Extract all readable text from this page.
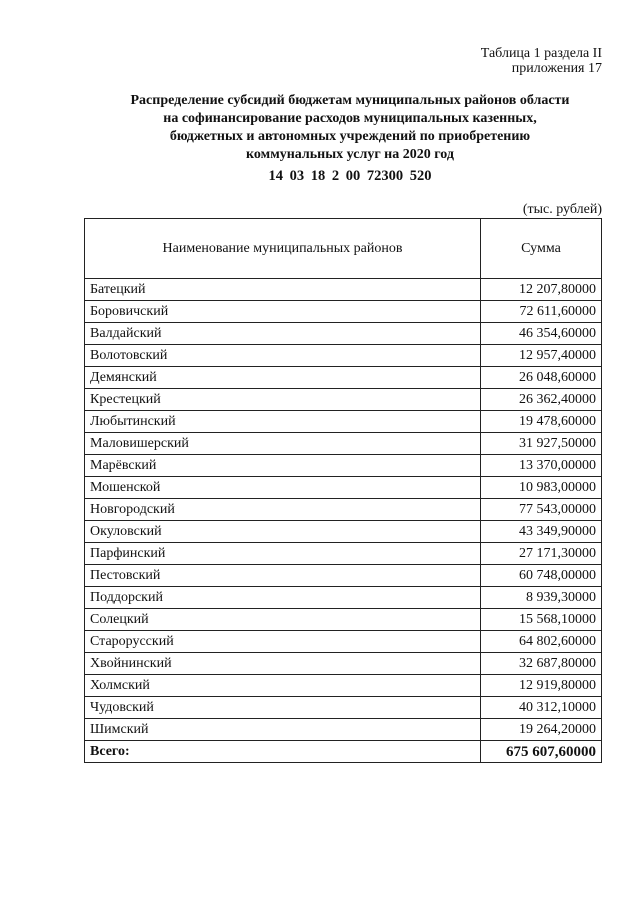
Таблица 1 раздела II
приложения 17
Распределение субсидий бюджетам муниципальных районов области
на софинансирование расходов муниципальных казенных,
бюджетных и автономных учреждений по приобретению
коммунальных услуг на 2020 год
14 03 18 2 00 72300 520
(тыс. рублей)
Наименование муниципальных районов	Сумма
Батецкий	12 207,80000
Боровичский	72 611,60000
Валдайский	46 354,60000
Волотовский	12 957,40000
Демянский	26 048,60000
Крестецкий	26 362,40000
Любытинский	19 478,60000
Маловишерский	31 927,50000
Марёвский	13 370,00000
Мошенской	10 983,00000
Новгородский	77 543,00000
Окуловский	43 349,90000
Парфинский	27 171,30000
Пестовский	60 748,00000
Поддорский	8 939,30000
Солецкий	15 568,10000
Старорусский	64 802,60000
Хвойнинский	32 687,80000
Холмский	12 919,80000
Чудовский	40 312,10000
Шимский	19 264,20000
Всего:	675 607,60000
